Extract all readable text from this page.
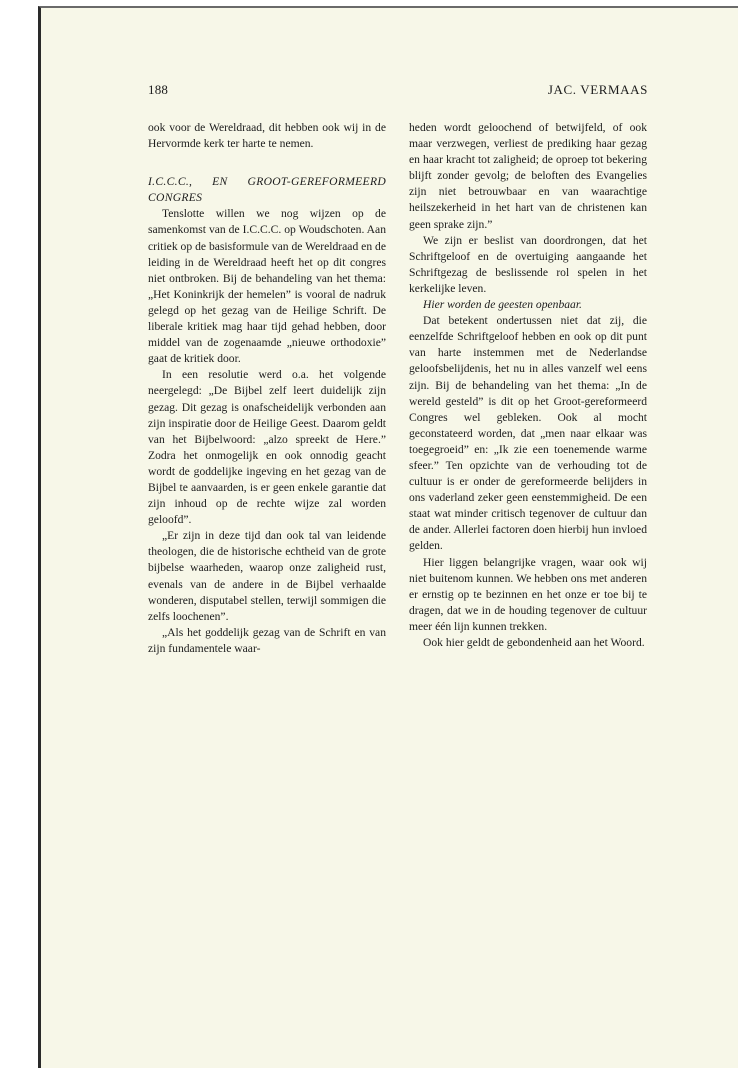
188	JAC. VERMAAS

ook voor de Wereldraad, dit hebben ook wij in de Hervormde kerk ter harte te nemen.

I.C.C.C., EN GROOT-GEREFORMEERD CONGRES

Tenslotte willen we nog wijzen op de samenkomst van de I.C.C.C. op Woudschoten. Aan critiek op de basisformule van de Wereldraad en de leiding in de Wereldraad heeft het op dit congres niet ontbroken. Bij de behandeling van het thema: „Het Koninkrijk der hemelen” is vooral de nadruk gelegd op het gezag van de Heilige Schrift. De liberale kritiek mag haar tijd gehad hebben, door middel van de zogenaamde „nieuwe orthodoxie” gaat de kritiek door.

In een resolutie werd o.a. het volgende neergelegd: „De Bijbel zelf leert duidelijk zijn gezag. Dit gezag is onafscheidelijk verbonden aan zijn inspiratie door de Heilige Geest. Daarom geldt van het Bijbelwoord: „alzo spreekt de Here.” Zodra het onmogelijk en ook onnodig geacht wordt de goddelijke ingeving en het gezag van de Bijbel te aanvaarden, is er geen enkele garantie dat zijn inhoud op de rechte wijze zal worden geloofd”.

„Er zijn in deze tijd dan ook tal van leidende theologen, die de historische echtheid van de grote bijbelse waarheden, waarop onze zaligheid rust, evenals van de andere in de Bijbel verhaalde wonderen, disputabel stellen, terwijl sommigen die zelfs loochenen”.

„Als het goddelijk gezag van de Schrift en van zijn fundamentele waar-

heden wordt geloochend of betwijfeld, of ook maar verzwegen, verliest de prediking haar gezag en haar kracht tot zaligheid; de oproep tot bekering blijft zonder gevolg; de beloften des Evangelies zijn niet betrouwbaar en van waarachtige heilszekerheid in het hart van de christenen kan geen sprake zijn.”

We zijn er beslist van doordrongen, dat het Schriftgeloof en de overtuiging aangaande het Schriftgezag de beslissende rol spelen in het kerkelijke leven.

Hier worden de geesten openbaar.

Dat betekent ondertussen niet dat zij, die eenzelfde Schriftgeloof hebben en ook op dit punt van harte instemmen met de Nederlandse geloofsbelijdenis, het nu in alles vanzelf wel eens zijn. Bij de behandeling van het thema: „In de wereld gesteld” is dit op het Groot-gereformeerd Congres wel gebleken. Ook al mocht geconstateerd worden, dat „men naar elkaar was toegegroeid” en: „Ik zie een toenemende warme sfeer.” Ten opzichte van de verhouding tot de cultuur is er onder de gereformeerde belijders in ons vaderland zeker geen eenstemmigheid. De een staat wat minder critisch tegenover de cultuur dan de ander. Allerlei factoren doen hierbij hun invloed gelden.

Hier liggen belangrijke vragen, waar ook wij niet buitenom kunnen. We hebben ons met anderen er ernstig op te bezinnen en het onze er toe bij te dragen, dat we in de houding tegenover de cultuur meer één lijn kunnen trekken.

Ook hier geldt de gebondenheid aan het Woord.
